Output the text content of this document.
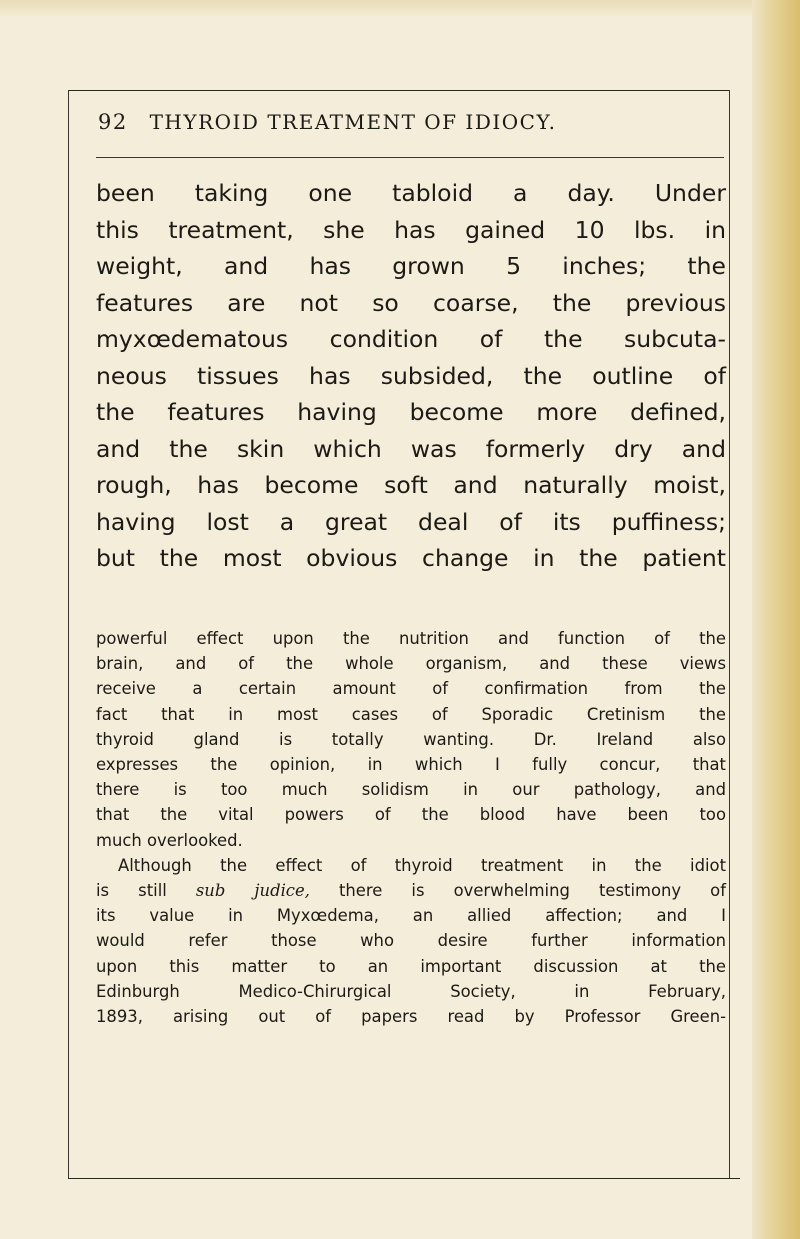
92 THYROID TREATMENT OF IDIOCY.
been taking one tabloid a day. Under
this treatment, she has gained 10 lbs. in
weight, and has grown 5 inches; the
features are not so coarse, the previous
myxœdematous condition of the subcuta-
neous tissues has subsided, the outline of
the features having become more defined,
and the skin which was formerly dry and
rough, has become soft and naturally moist,
having lost a great deal of its puffiness;
but the most obvious change in the patient
powerful effect upon the nutrition and function of the
brain, and of the whole organism, and these views
receive a certain amount of confirmation from the
fact that in most cases of Sporadic Cretinism the
thyroid gland is totally wanting. Dr. Ireland also
expresses the opinion, in which I fully concur, that
there is too much solidism in our pathology, and
that the vital powers of the blood have been too
much overlooked.
Although the effect of thyroid treatment in the idiot
is still sub judice, there is overwhelming testimony of
its value in Myxœdema, an allied affection; and I
would refer those who desire further information
upon this matter to an important discussion at the
Edinburgh Medico-Chirurgical Society, in February,
1893, arising out of papers read by Professor Green-
